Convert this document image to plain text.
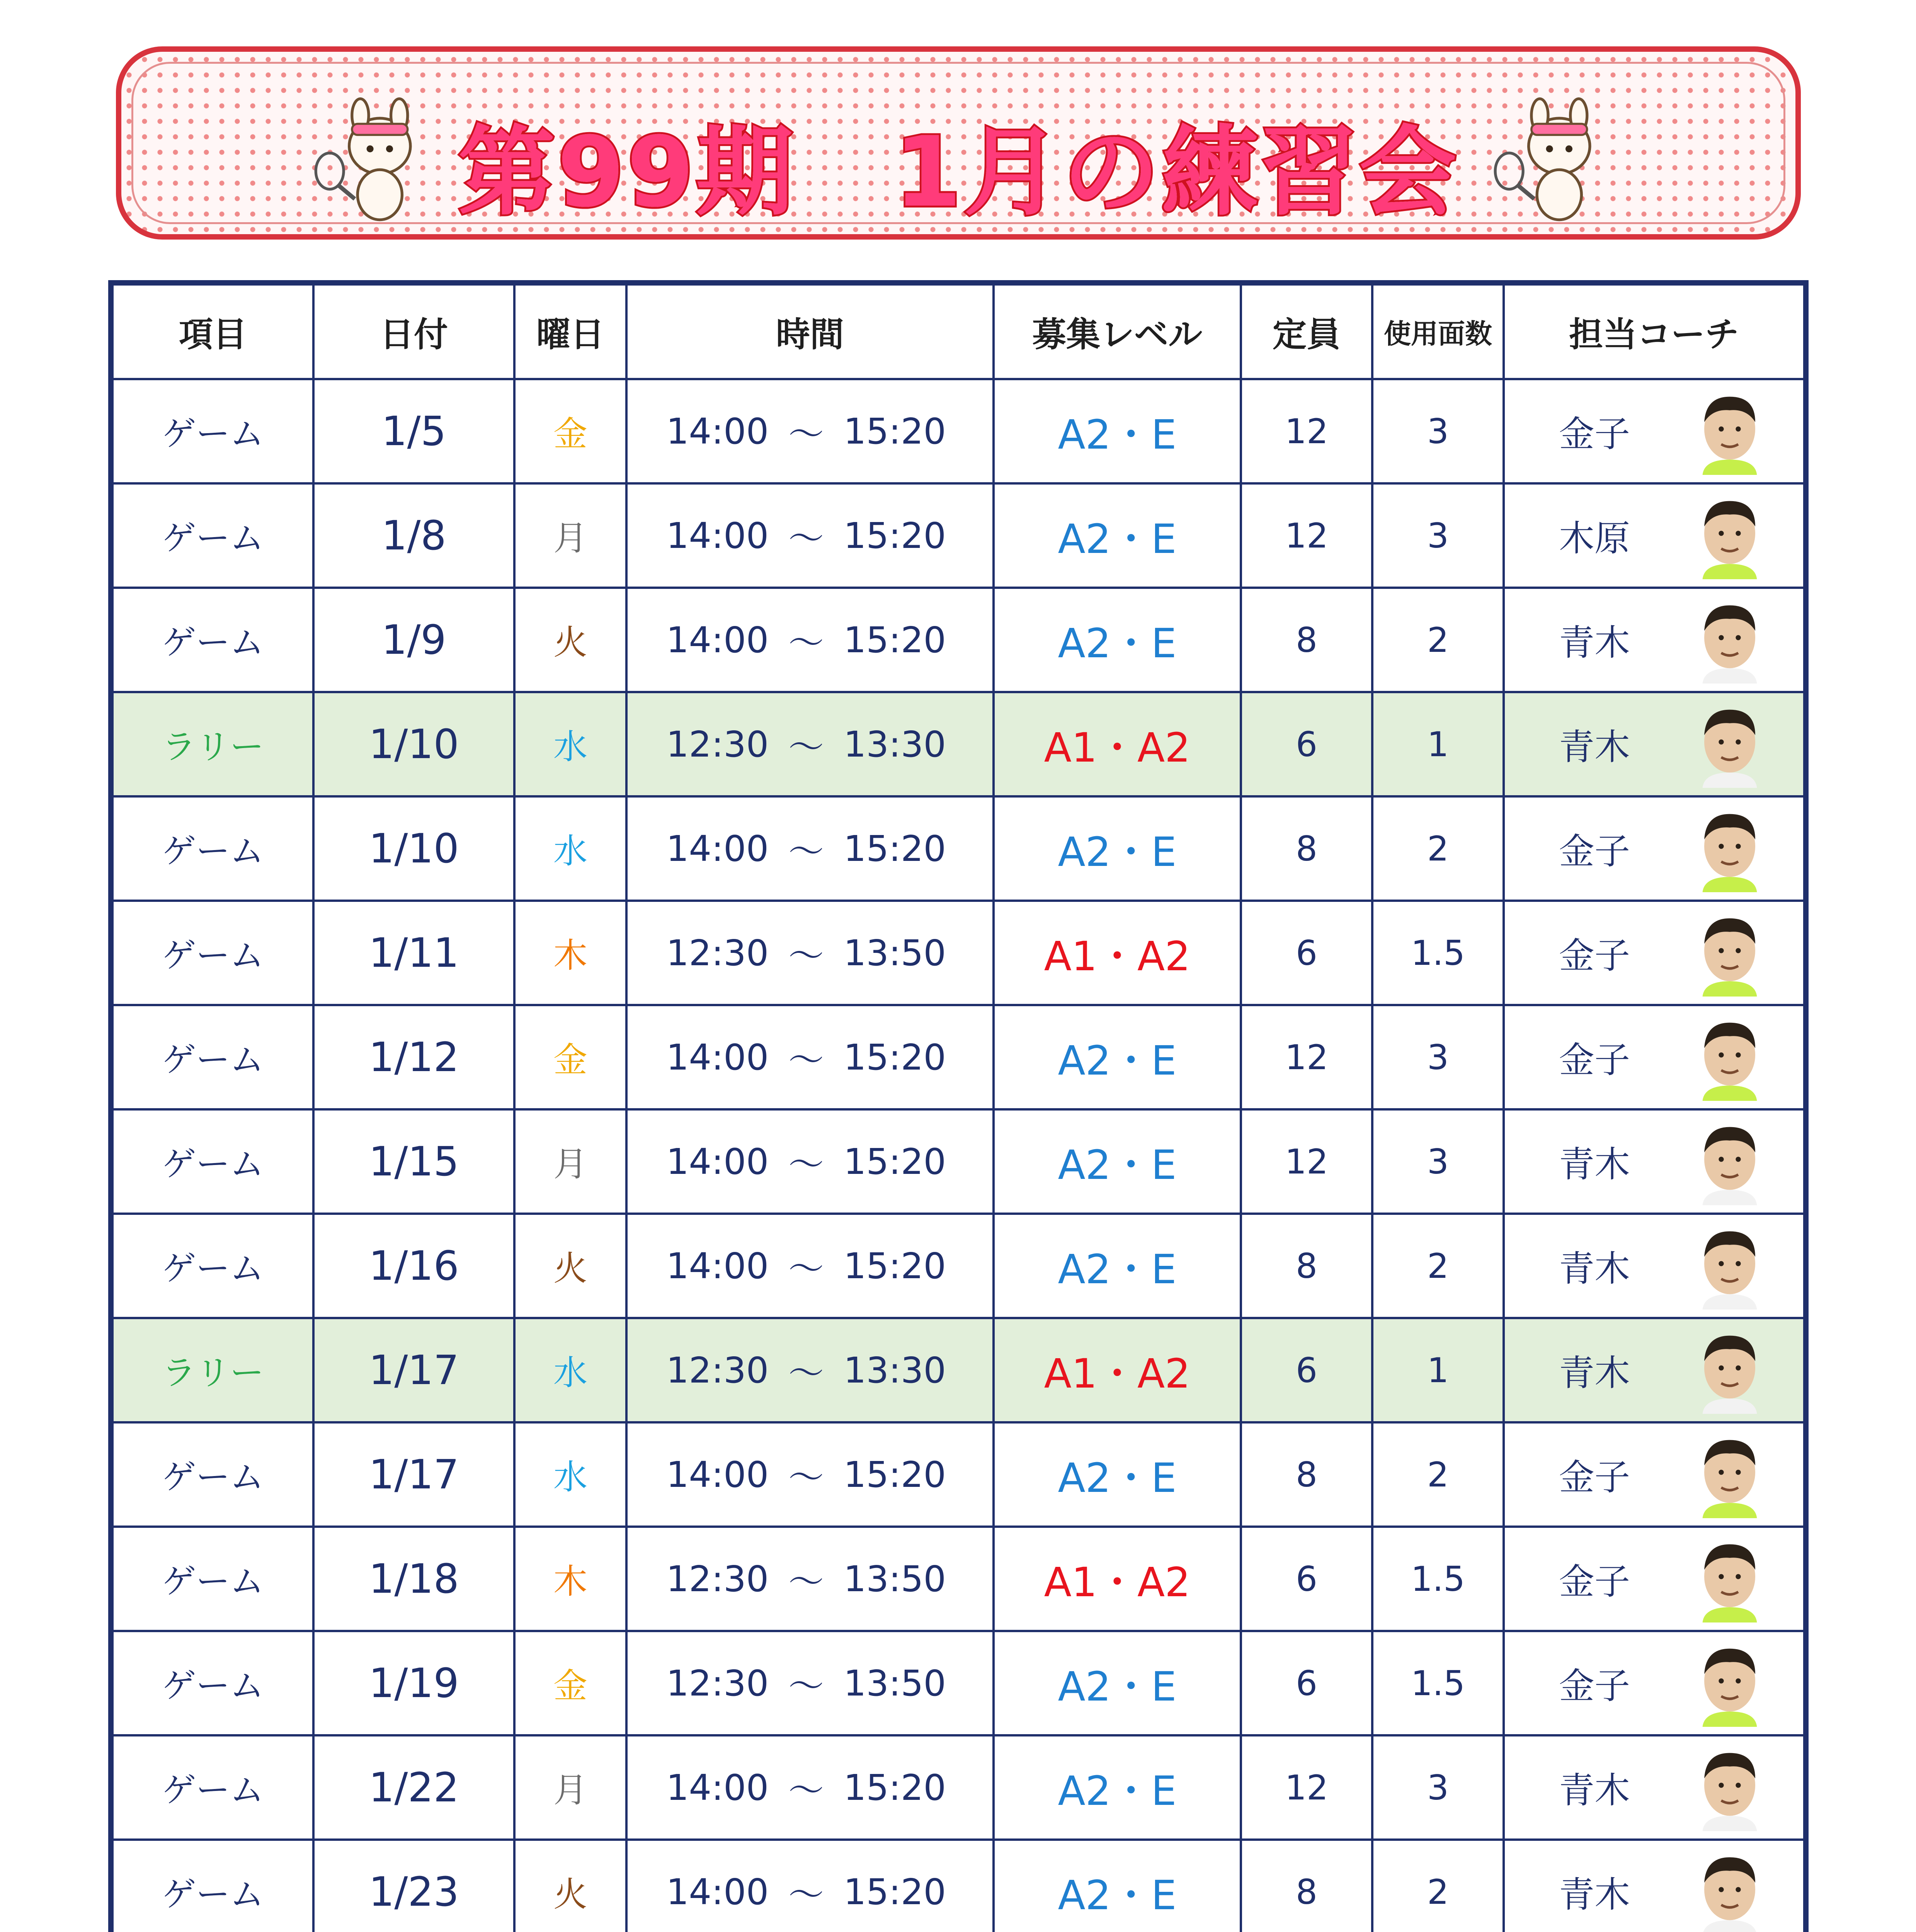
第99期　1月の練習会
項目	日付	曜日	時間	募集レベル	定員	使用面数	担当コーチ
ゲーム	1/5	金	14:00 ～ 15:20	A2・E	12	3	金子
ゲーム	1/8	月	14:00 ～ 15:20	A2・E	12	3	木原
ゲーム	1/9	火	14:00 ～ 15:20	A2・E	8	2	青木
ラリー	1/10	水	12:30 ～ 13:30	A1・A2	6	1	青木
ゲーム	1/10	水	14:00 ～ 15:20	A2・E	8	2	金子
ゲーム	1/11	木	12:30 ～ 13:50	A1・A2	6	1.5	金子
ゲーム	1/12	金	14:00 ～ 15:20	A2・E	12	3	金子
ゲーム	1/15	月	14:00 ～ 15:20	A2・E	12	3	青木
ゲーム	1/16	火	14:00 ～ 15:20	A2・E	8	2	青木
ラリー	1/17	水	12:30 ～ 13:30	A1・A2	6	1	青木
ゲーム	1/17	水	14:00 ～ 15:20	A2・E	8	2	金子
ゲーム	1/18	木	12:30 ～ 13:50	A1・A2	6	1.5	金子
ゲーム	1/19	金	12:30 ～ 13:50	A2・E	6	1.5	金子
ゲーム	1/22	月	14:00 ～ 15:20	A2・E	12	3	青木
ゲーム	1/23	火	14:00 ～ 15:20	A2・E	8	2	青木
